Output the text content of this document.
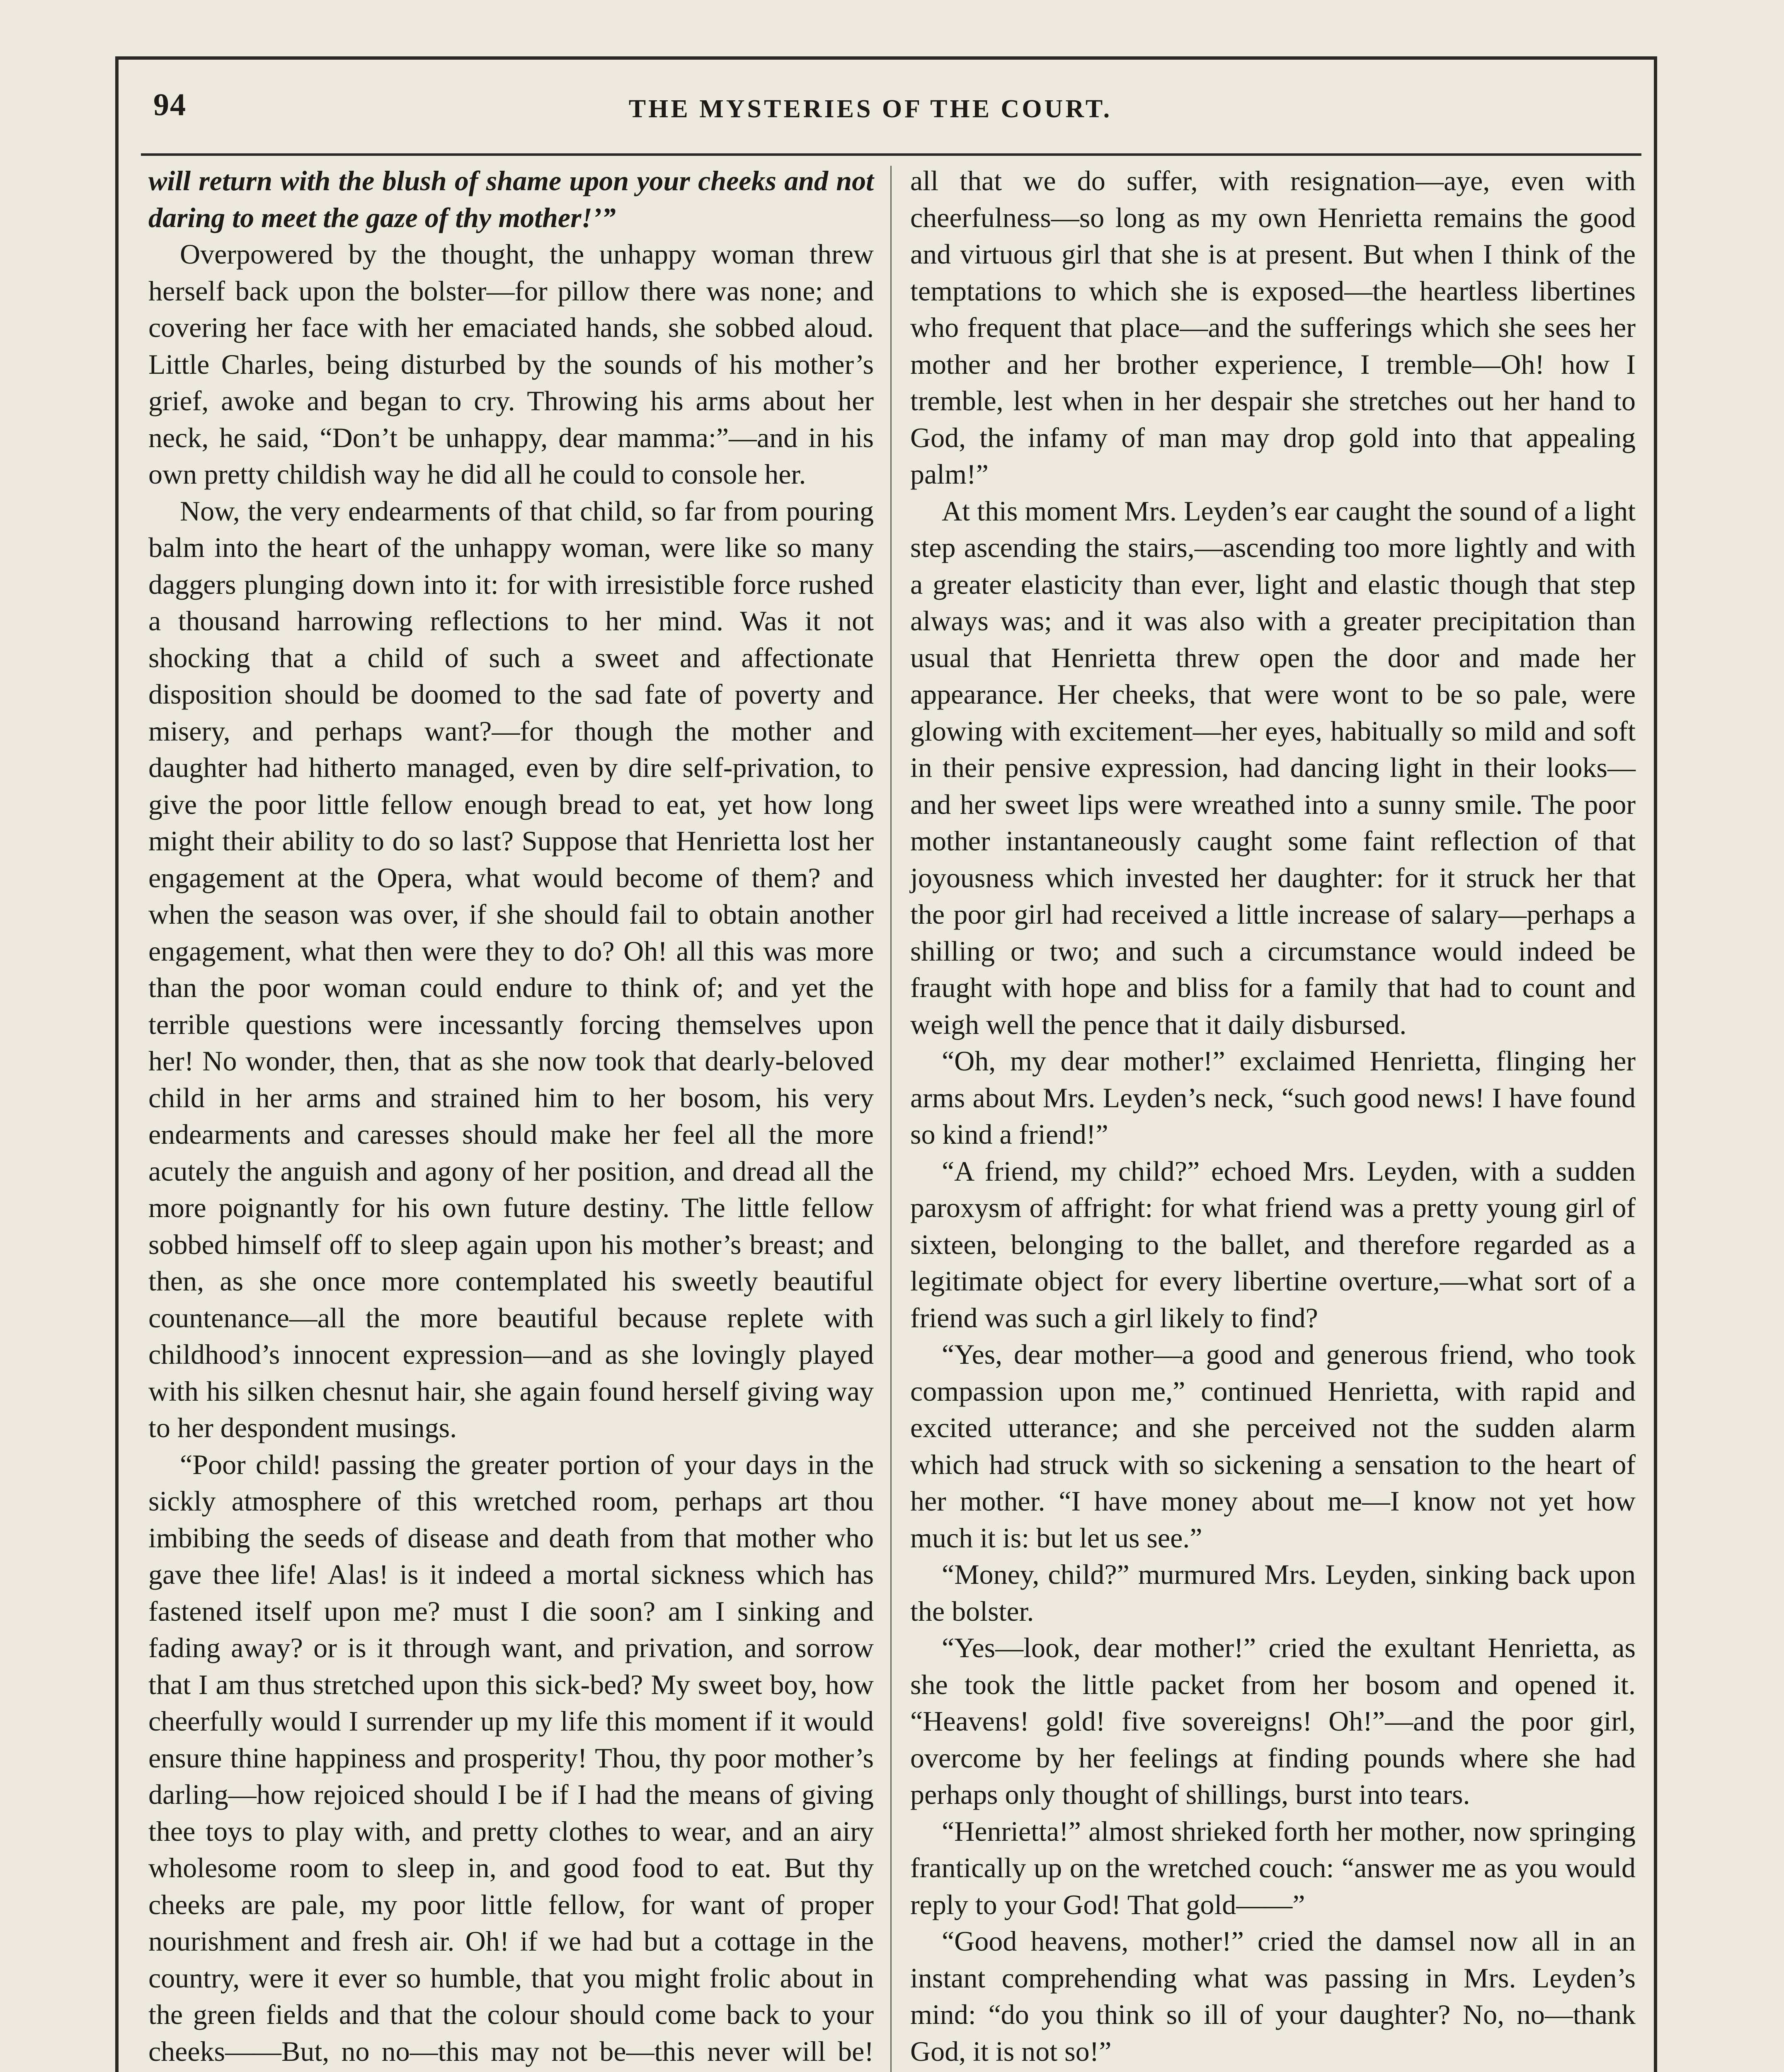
94	THE MYSTERIES OF THE COURT.

will return with the blush of shame upon your cheeks and not daring to meet the gaze of thy mother!’”

Overpowered by the thought, the unhappy woman threw herself back upon the bolster—for pillow there was none; and covering her face with her emaciated hands, she sobbed aloud. Little Charles, being disturbed by the sounds of his mother’s grief, awoke and began to cry. Throwing his arms about her neck, he said, “Don’t be unhappy, dear mamma:”—and in his own pretty childish way he did all he could to console her.

Now, the very endearments of that child, so far from pouring balm into the heart of the unhappy woman, were like so many daggers plunging down into it: for with irresistible force rushed a thousand harrowing reflections to her mind. Was it not shocking that a child of such a sweet and affectionate disposition should be doomed to the sad fate of poverty and misery, and perhaps want?—for though the mother and daughter had hitherto managed, even by dire self-privation, to give the poor little fellow enough bread to eat, yet how long might their ability to do so last? Suppose that Henrietta lost her engagement at the Opera, what would become of them? and when the season was over, if she should fail to obtain another engagement, what then were they to do? Oh! all this was more than the poor woman could endure to think of; and yet the terrible questions were incessantly forcing themselves upon her! No wonder, then, that as she now took that dearly-beloved child in her arms and strained him to her bosom, his very endearments and caresses should make her feel all the more acutely the anguish and agony of her position, and dread all the more poignantly for his own future destiny. The little fellow sobbed himself off to sleep again upon his mother’s breast; and then, as she once more contemplated his sweetly beautiful countenance—all the more beautiful because replete with childhood’s innocent expression—and as she lovingly played with his silken chesnut hair, she again found herself giving way to her despondent musings.

“Poor child! passing the greater portion of your days in the sickly atmosphere of this wretched room, perhaps art thou imbibing the seeds of disease and death from that mother who gave thee life! Alas! is it indeed a mortal sickness which has fastened itself upon me? must I die soon? am I sinking and fading away? or is it through want, and privation, and sorrow that I am thus stretched upon this sick-bed? My sweet boy, how cheerfully would I surrender up my life this moment if it would ensure thine happiness and prosperity! Thou, thy poor mother’s darling—how rejoiced should I be if I had the means of giving thee toys to play with, and pretty clothes to wear, and an airy wholesome room to sleep in, and good food to eat. But thy cheeks are pale, my poor little fellow, for want of proper nourishment and fresh air. Oh! if we had but a cottage in the country, were it ever so humble, that you might frolic about in the green fields and that the colour should come back to your cheeks——But, no no—this may not be—this never will be!

all that we do suffer, with resignation—aye, even with cheerfulness—so long as my own Henrietta remains the good and virtuous girl that she is at present. But when I think of the temptations to which she is exposed—the heartless libertines who frequent that place—and the sufferings which she sees her mother and her brother experience, I tremble—Oh! how I tremble, lest when in her despair she stretches out her hand to God, the infamy of man may drop gold into that appealing palm!”

At this moment Mrs. Leyden’s ear caught the sound of a light step ascending the stairs,—ascending too more lightly and with a greater elasticity than ever, light and elastic though that step always was; and it was also with a greater precipitation than usual that Henrietta threw open the door and made her appearance. Her cheeks, that were wont to be so pale, were glowing with excitement—her eyes, habitually so mild and soft in their pensive expression, had dancing light in their looks—and her sweet lips were wreathed into a sunny smile. The poor mother instantaneously caught some faint reflection of that joyousness which invested her daughter: for it struck her that the poor girl had received a little increase of salary—perhaps a shilling or two; and such a circumstance would indeed be fraught with hope and bliss for a family that had to count and weigh well the pence that it daily disbursed.

“Oh, my dear mother!” exclaimed Henrietta, flinging her arms about Mrs. Leyden’s neck, “such good news! I have found so kind a friend!”

“A friend, my child?” echoed Mrs. Leyden, with a sudden paroxysm of affright: for what friend was a pretty young girl of sixteen, belonging to the ballet, and therefore regarded as a legitimate object for every libertine overture,—what sort of a friend was such a girl likely to find?

“Yes, dear mother—a good and generous friend, who took compassion upon me,” continued Henrietta, with rapid and excited utterance; and she perceived not the sudden alarm which had struck with so sickening a sensation to the heart of her mother. “I have money about me—I know not yet how much it is: but let us see.”

“Money, child?” murmured Mrs. Leyden, sinking back upon the bolster.

“Yes—look, dear mother!” cried the exultant Henrietta, as she took the little packet from her bosom and opened it. “Heavens! gold! five sovereigns! Oh!”—and the poor girl, overcome by her feelings at finding pounds where she had perhaps only thought of shillings, burst into tears.

“Henrietta!” almost shrieked forth her mother, now springing frantically up on the wretched couch: “answer me as you would reply to your God! That gold——”

“Good heavens, mother!” cried the damsel now all in an instant comprehending what was passing in Mrs. Leyden’s mind: “do you think so ill of your daughter? No, no—thank God, it is not so!”
